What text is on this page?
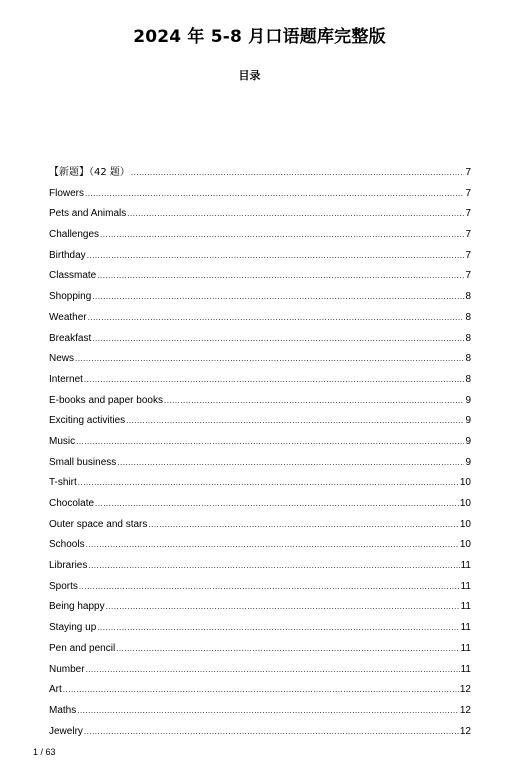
2024 年 5-8 月口语题库完整版
目录
【新题】（42 题） .....	7
Flowers .....	7
Pets and Animals .....	7
Challenges .....	7
Birthday .....	7
Classmate .....	7
Shopping .....	8
Weather .....	8
Breakfast .....	8
News .....	8
Internet .....	8
E-books and paper books .....	9
Exciting activities .....	9
Music .....	9
Small business .....	9
T-shirt .....	10
Chocolate .....	10
Outer space and stars .....	10
Schools .....	10
Libraries .....	11
Sports .....	11
Being happy .....	11
Staying up .....	11
Pen and pencil .....	11
Number .....	11
Art .....	12
Maths .....	12
Jewelry .....	12
1 / 63
